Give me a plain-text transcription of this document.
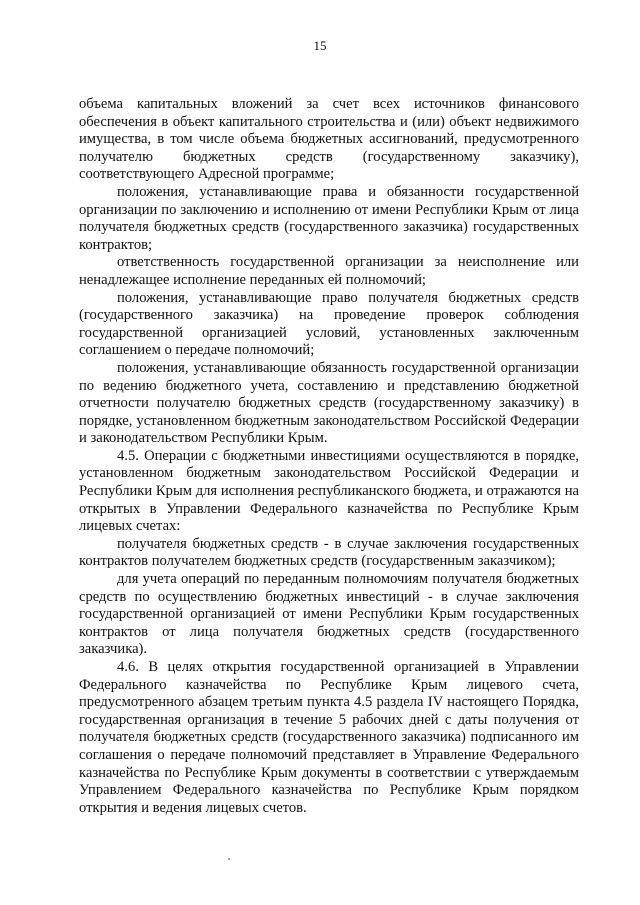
15

объема капитальных вложений за счет всех источников финансового обеспечения в объект капитального строительства и (или) объект недвижимого имущества, в том числе объема бюджетных ассигнований, предусмотренного получателю бюджетных средств (государственному заказчику), соответствующего Адресной программе;

положения, устанавливающие права и обязанности государственной организации по заключению и исполнению от имени Республики Крым от лица получателя бюджетных средств (государственного заказчика) государственных контрактов;

ответственность государственной организации за неисполнение или ненадлежащее исполнение переданных ей полномочий;

положения, устанавливающие право получателя бюджетных средств (государственного заказчика) на проведение проверок соблюдения государственной организацией условий, установленных заключенным соглашением о передаче полномочий;

положения, устанавливающие обязанность государственной организации по ведению бюджетного учета, составлению и представлению бюджетной отчетности получателю бюджетных средств (государственному заказчику) в порядке, установленном бюджетным законодательством Российской Федерации и законодательством Республики Крым.

4.5. Операции с бюджетными инвестициями осуществляются в порядке, установленном бюджетным законодательством Российской Федерации и Республики Крым для исполнения республиканского бюджета, и отражаются на открытых в Управлении Федерального казначейства по Республике Крым лицевых счетах:

получателя бюджетных средств - в случае заключения государственных контрактов получателем бюджетных средств (государственным заказчиком);

для учета операций по переданным полномочиям получателя бюджетных средств по осуществлению бюджетных инвестиций - в случае заключения государственной организацией от имени Республики Крым государственных контрактов от лица получателя бюджетных средств (государственного заказчика).

4.6. В целях открытия государственной организацией в Управлении Федерального казначейства по Республике Крым лицевого счета, предусмотренного абзацем третьим пункта 4.5 раздела IV настоящего Порядка, государственная организация в течение 5 рабочих дней с даты получения от получателя бюджетных средств (государственного заказчика) подписанного им соглашения о передаче полномочий представляет в Управление Федерального казначейства по Республике Крым документы в соответствии с утверждаемым Управлением Федерального казначейства по Республике Крым порядком открытия и ведения лицевых счетов.
